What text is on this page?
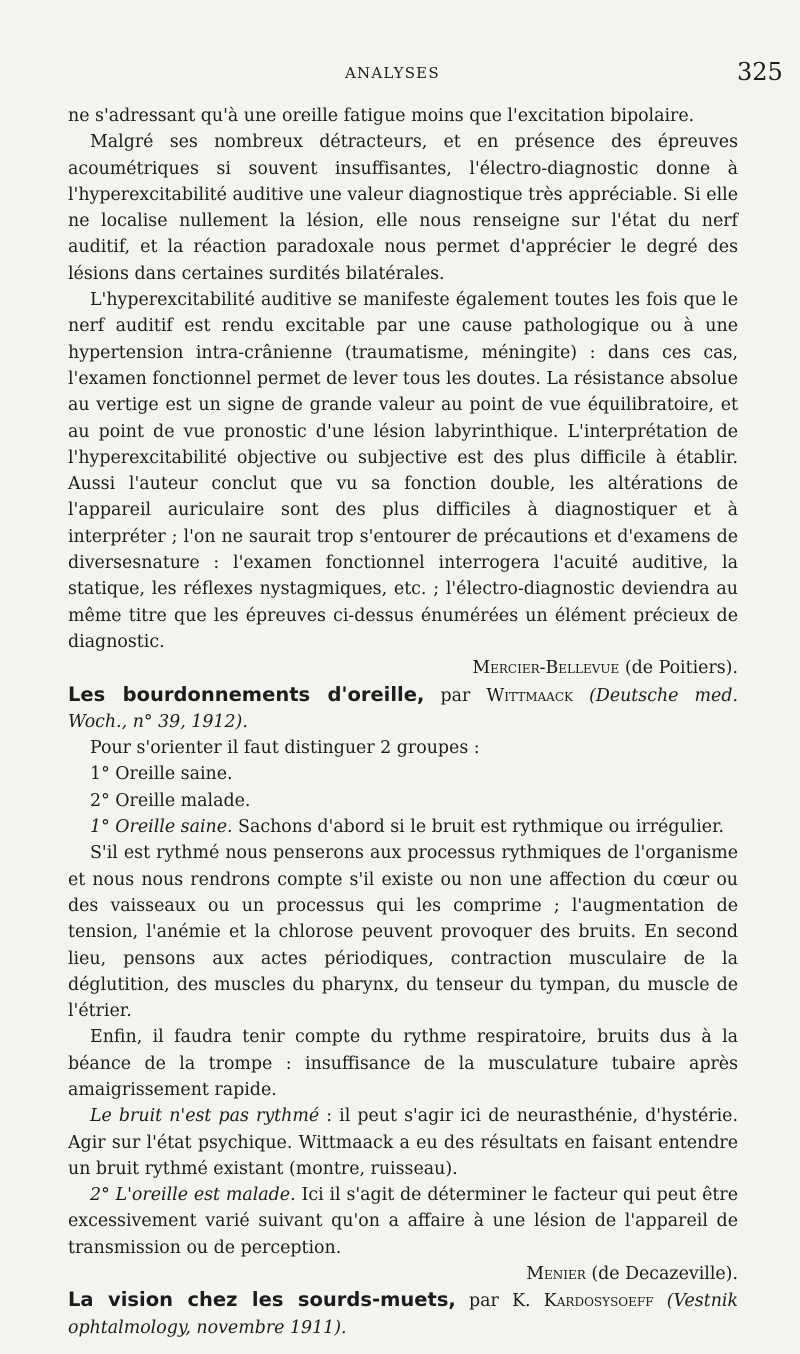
ANALYSES	325

ne s'adressant qu'à une oreille fatigue moins que l'excitation bipolaire.

Malgré ses nombreux détracteurs, et en présence des épreuves acoumétriques si souvent insuffisantes, l'électro-diagnostic donne à l'hyperexcitabilité auditive une valeur diagnostique très appréciable. Si elle ne localise nullement la lésion, elle nous renseigne sur l'état du nerf auditif, et la réaction paradoxale nous permet d'apprécier le degré des lésions dans certaines surdités bilatérales.

L'hyperexcitabilité auditive se manifeste également toutes les fois que le nerf auditif est rendu excitable par une cause pathologique ou à une hypertension intra-crânienne (traumatisme, méningite) : dans ces cas, l'examen fonctionnel permet de lever tous les doutes. La résistance absolue au vertige est un signe de grande valeur au point de vue équilibratoire, et au point de vue pronostic d'une lésion labyrinthique. L'interprétation de l'hyperexcitabilité objective ou subjective est des plus difficile à établir. Aussi l'auteur conclut que vu sa fonction double, les altérations de l'appareil auriculaire sont des plus difficiles à diagnostiquer et à interpréter ; l'on ne saurait trop s'entourer de précautions et d'examens de diversesnature : l'examen fonctionnel interrogera l'acuité auditive, la statique, les réflexes nystagmiques, etc. ; l'électro-diagnostic deviendra au même titre que les épreuves ci-dessus énumérées un élément précieux de diagnostic.

Mercier-Bellevue (de Poitiers).

Les bourdonnements d'oreille, par Wittmaack (Deutsche med. Woch., n° 39, 1912).

Pour s'orienter il faut distinguer 2 groupes :

1° Oreille saine.

2° Oreille malade.

1° Oreille saine. Sachons d'abord si le bruit est rythmique ou irrégulier.

S'il est rythmé nous penserons aux processus rythmiques de l'organisme et nous nous rendrons compte s'il existe ou non une affection du cœur ou des vaisseaux ou un processus qui les comprime ; l'augmentation de tension, l'anémie et la chlorose peuvent provoquer des bruits. En second lieu, pensons aux actes périodiques, contraction musculaire de la déglutition, des muscles du pharynx, du tenseur du tympan, du muscle de l'étrier.

Enfin, il faudra tenir compte du rythme respiratoire, bruits dus à la béance de la trompe : insuffisance de la musculature tubaire après amaigrissement rapide.

Le bruit n'est pas rythmé : il peut s'agir ici de neurasthénie, d'hystérie. Agir sur l'état psychique. Wittmaack a eu des résultats en faisant entendre un bruit rythmé existant (montre, ruisseau).

2° L'oreille est malade. Ici il s'agit de déterminer le facteur qui peut être excessivement varié suivant qu'on a affaire à une lésion de l'appareil de transmission ou de perception.

Menier (de Decazeville).

La vision chez les sourds-muets, par K. Kardosysoeff (Vestnik ophtalmology, novembre 1911).
